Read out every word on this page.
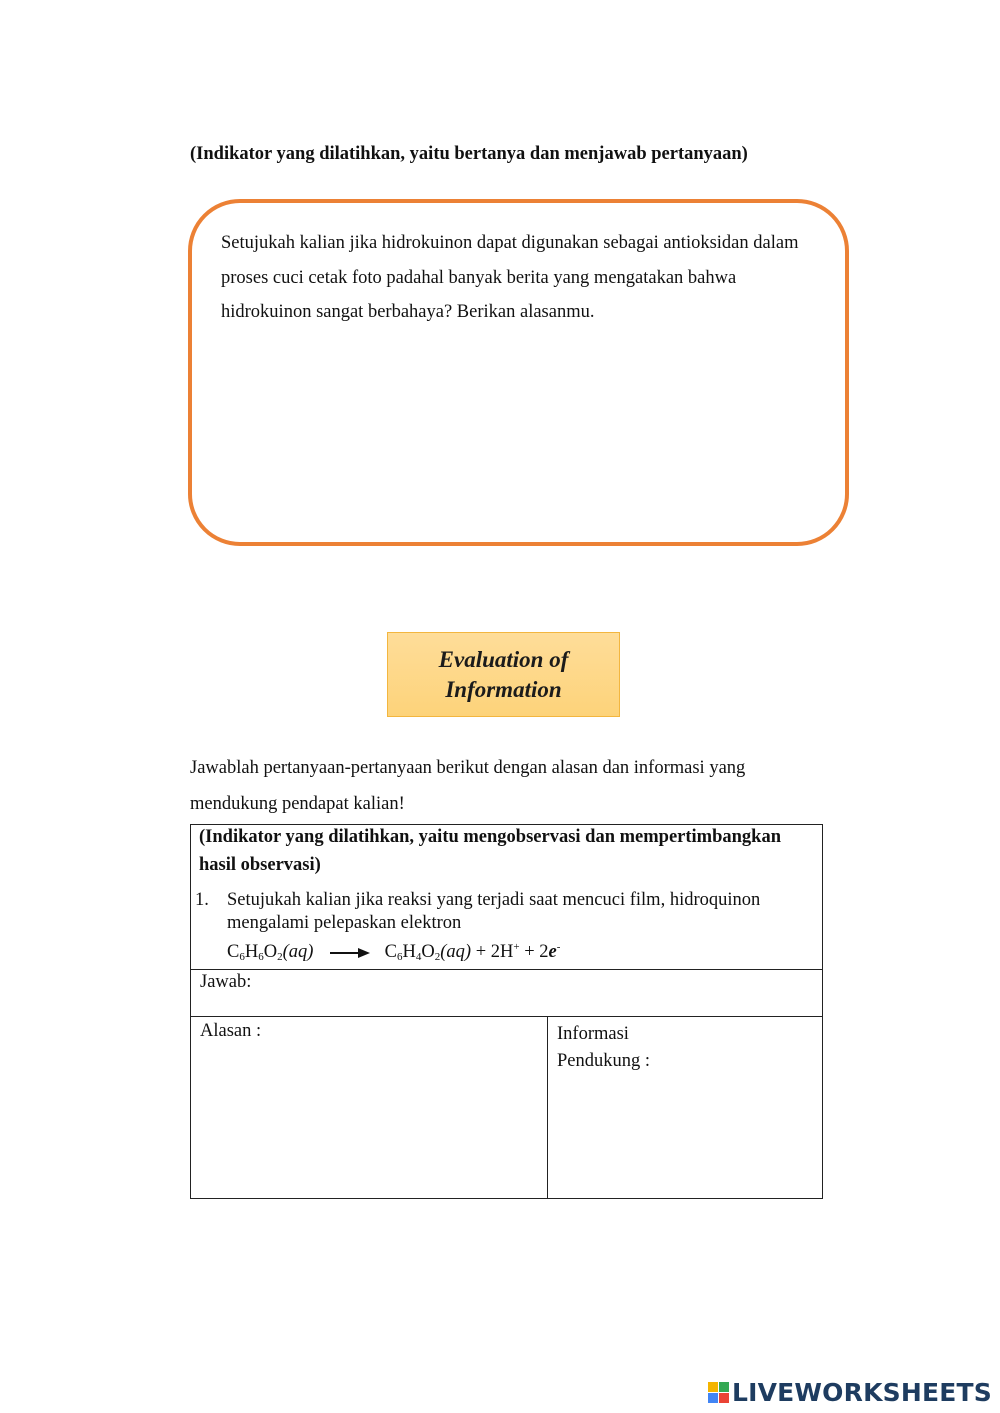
(Indikator yang dilatihkan, yaitu bertanya dan menjawab pertanyaan)
Setujukah kalian jika hidrokuinon dapat digunakan sebagai antioksidan dalam proses cuci cetak foto padahal banyak berita yang mengatakan bahwa hidrokuinon sangat berbahaya? Berikan alasanmu.
Evaluation of
Information
Jawablah pertanyaan-pertanyaan berikut dengan alasan dan informasi yang mendukung pendapat kalian!
(Indikator yang dilatihkan, yaitu mengobservasi dan mempertimbangkan hasil observasi)
1. Setujukah kalian jika reaksi yang terjadi saat mencuci film, hidroquinon mengalami pelepaskan elektron
$C_6H_6O_2(aq) \to C_6H_4O_2(aq) + 2H^+ + 2e^-$

Jawab:
Alasan :	Informasi
Pendukung :
LIVEWORKSHEETS
